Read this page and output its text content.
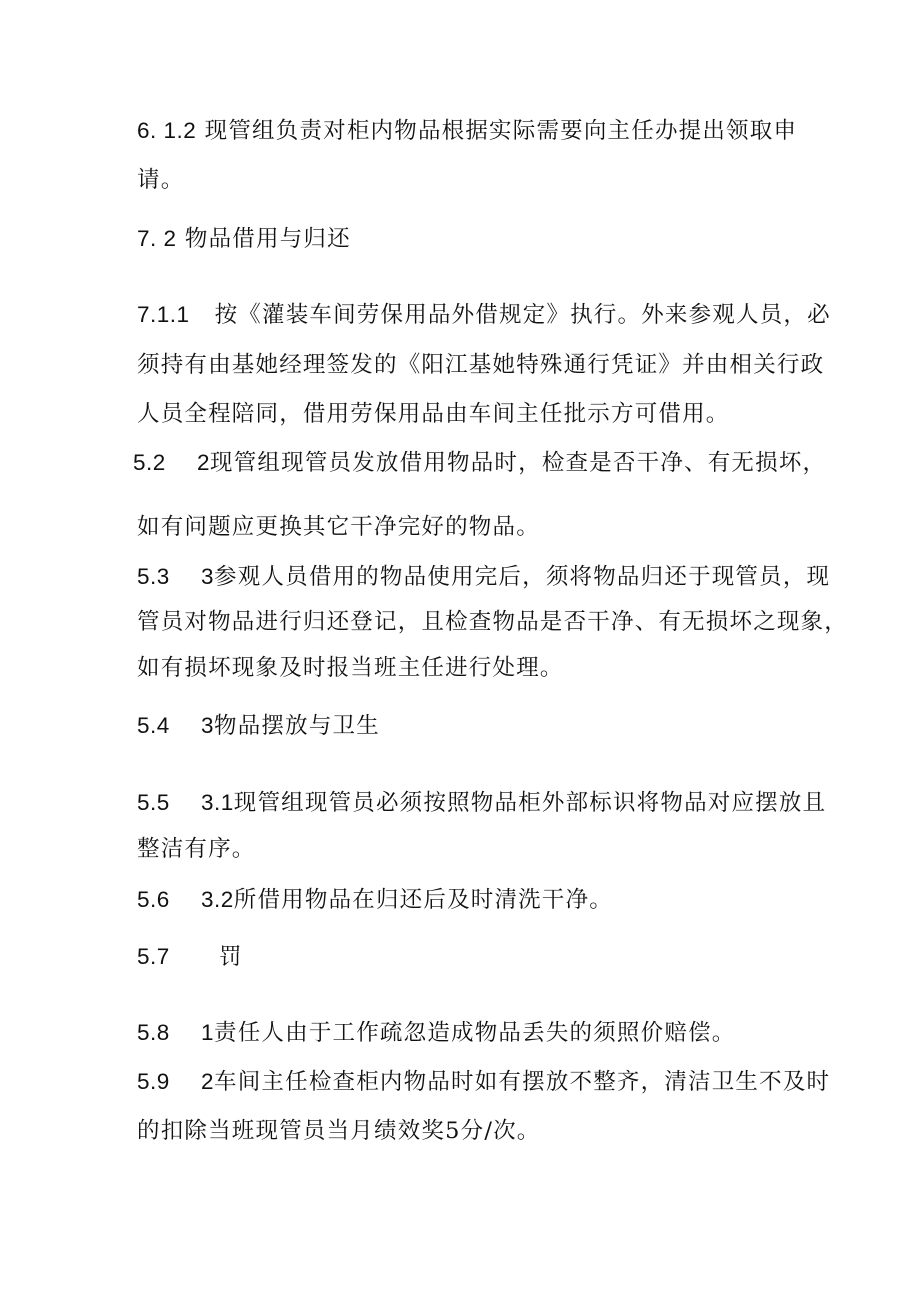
6. 1.2 现管组负责对柜内物品根据实际需要向主任办提出领取申
请。
7. 2 物品借用与归还
7.1.1 按《灌装车间劳保用品外借规定》执行。外来参观人员，必
须持有由基她经理签发的《阳江基她特殊通行凭证》并由相关行政
人员全程陪同，借用劳保用品由车间主任批示方可借用。
5.2 2现管组现管员发放借用物品时，检查是否干净、有无损坏，
如有问题应更换其它干净完好的物品。
5.3 3参观人员借用的物品使用完后，须将物品归还于现管员，现
管员对物品进行归还登记，且检查物品是否干净、有无损坏之现象，
如有损坏现象及时报当班主任进行处理。
5.4 3物品摆放与卫生
5.5 3.1现管组现管员必须按照物品柜外部标识将物品对应摆放且
整洁有序。
5.6 3.2所借用物品在归还后及时清洗干净。
5.7 罚
5.8 1责任人由于工作疏忽造成物品丢失的须照价赔偿。
5.9 2车间主任检查柜内物品时如有摆放不整齐，清洁卫生不及时
的扣除当班现管员当月绩效奖5分/次。
